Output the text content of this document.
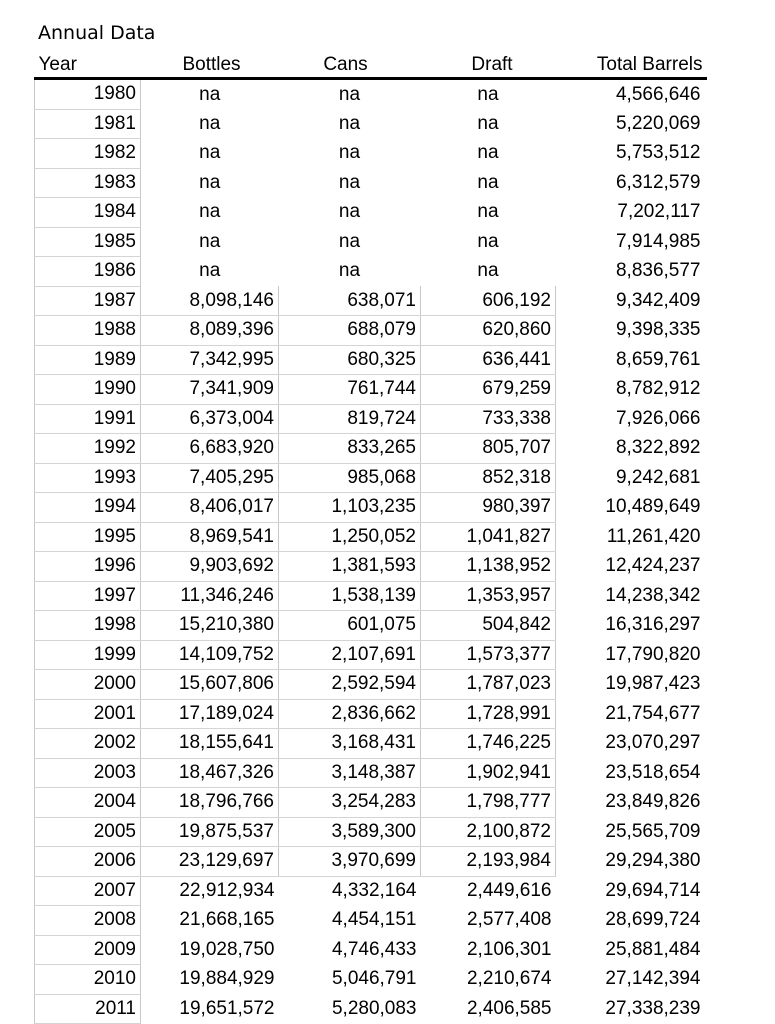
Annual Data
Year	Bottles	Cans	Draft	Total Barrels
1980	na	na	na	4,566,646
1981	na	na	na	5,220,069
1982	na	na	na	5,753,512
1983	na	na	na	6,312,579
1984	na	na	na	7,202,117
1985	na	na	na	7,914,985
1986	na	na	na	8,836,577
1987	8,098,146	638,071	606,192	9,342,409
1988	8,089,396	688,079	620,860	9,398,335
1989	7,342,995	680,325	636,441	8,659,761
1990	7,341,909	761,744	679,259	8,782,912
1991	6,373,004	819,724	733,338	7,926,066
1992	6,683,920	833,265	805,707	8,322,892
1993	7,405,295	985,068	852,318	9,242,681
1994	8,406,017	1,103,235	980,397	10,489,649
1995	8,969,541	1,250,052	1,041,827	11,261,420
1996	9,903,692	1,381,593	1,138,952	12,424,237
1997	11,346,246	1,538,139	1,353,957	14,238,342
1998	15,210,380	601,075	504,842	16,316,297
1999	14,109,752	2,107,691	1,573,377	17,790,820
2000	15,607,806	2,592,594	1,787,023	19,987,423
2001	17,189,024	2,836,662	1,728,991	21,754,677
2002	18,155,641	3,168,431	1,746,225	23,070,297
2003	18,467,326	3,148,387	1,902,941	23,518,654
2004	18,796,766	3,254,283	1,798,777	23,849,826
2005	19,875,537	3,589,300	2,100,872	25,565,709
2006	23,129,697	3,970,699	2,193,984	29,294,380
2007	22,912,934	4,332,164	2,449,616	29,694,714
2008	21,668,165	4,454,151	2,577,408	28,699,724
2009	19,028,750	4,746,433	2,106,301	25,881,484
2010	19,884,929	5,046,791	2,210,674	27,142,394
2011	19,651,572	5,280,083	2,406,585	27,338,239
